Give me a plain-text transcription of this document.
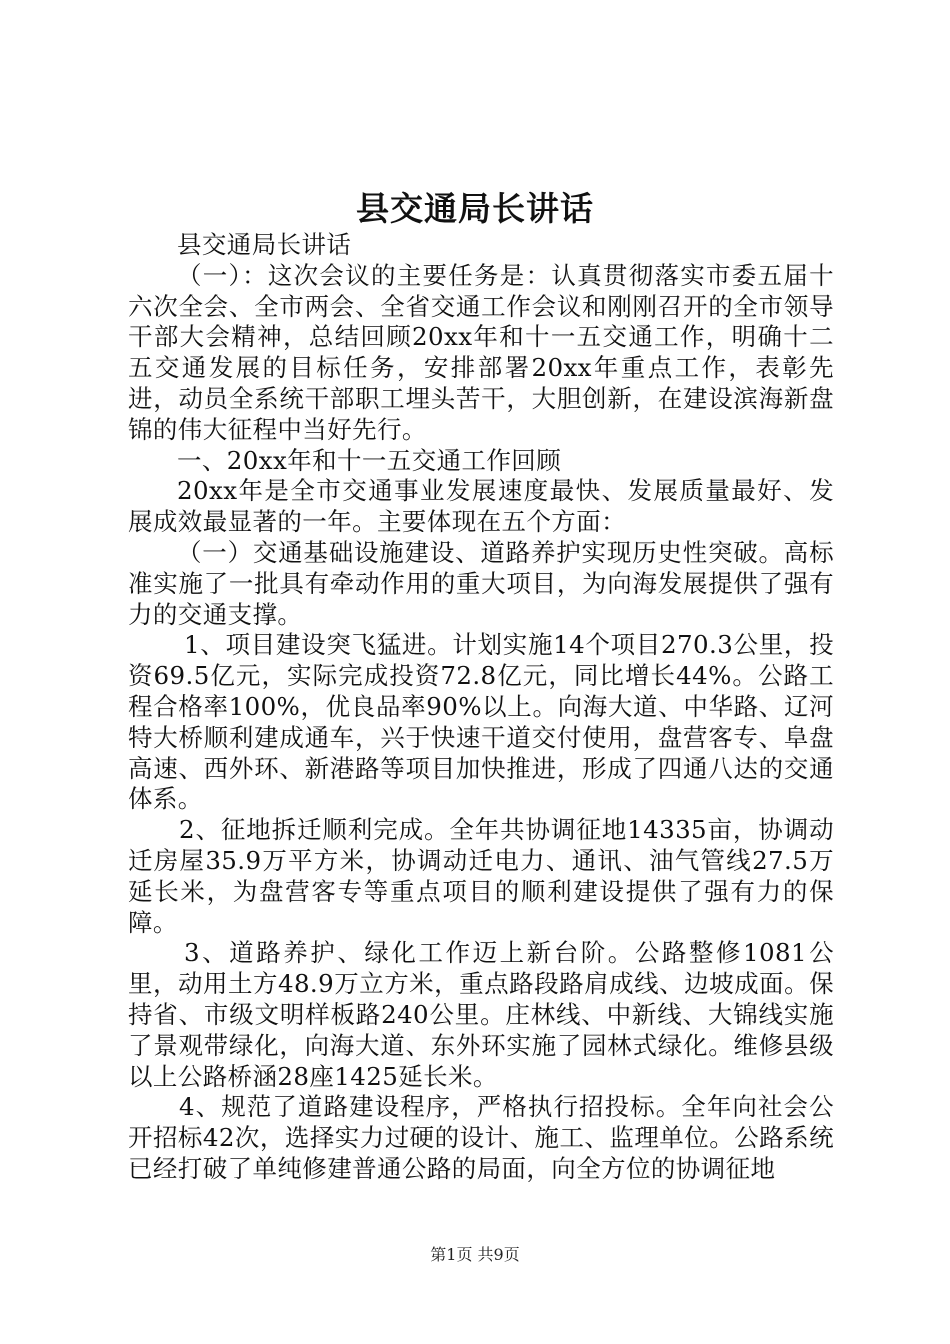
县交通局长讲话

县交通局长讲话

（一）：这次会议的主要任务是：认真贯彻落实市委五届十六次全会、全市两会、全省交通工作会议和刚刚召开的全市领导干部大会精神，总结回顾20xx年和十一五交通工作，明确十二五交通发展的目标任务，安排部署20xx年重点工作，表彰先进，动员全系统干部职工埋头苦干，大胆创新，在建设滨海新盘锦的伟大征程中当好先行。

一、20xx年和十一五交通工作回顾

20xx年是全市交通事业发展速度最快、发展质量最好、发展成效最显著的一年。主要体现在五个方面：

（一）交通基础设施建设、道路养护实现历史性突破。高标准实施了一批具有牵动作用的重大项目，为向海发展提供了强有力的交通支撑。

1、项目建设突飞猛进。计划实施14个项目270.3公里，投资69.5亿元，实际完成投资72.8亿元，同比增长44%。公路工程合格率100%，优良品率90%以上。向海大道、中华路、辽河特大桥顺利建成通车，兴于快速干道交付使用，盘营客专、阜盘高速、西外环、新港路等项目加快推进，形成了四通八达的交通体系。

2、征地拆迁顺利完成。全年共协调征地14335亩，协调动迁房屋35.9万平方米，协调动迁电力、通讯、油气管线27.5万延长米，为盘营客专等重点项目的顺利建设提供了强有力的保障。

3、道路养护、绿化工作迈上新台阶。公路整修1081公里，动用土方48.9万立方米，重点路段路肩成线、边坡成面。保持省、市级文明样板路240公里。庄林线、中新线、大锦线实施了景观带绿化，向海大道、东外环实施了园林式绿化。维修县级以上公路桥涵28座1425延长米。

4、规范了道路建设程序，严格执行招投标。全年向社会公开招标42次，选择实力过硬的设计、施工、监理单位。公路系统已经打破了单纯修建普通公路的局面，向全方位的协调征地

第1页 共9页
